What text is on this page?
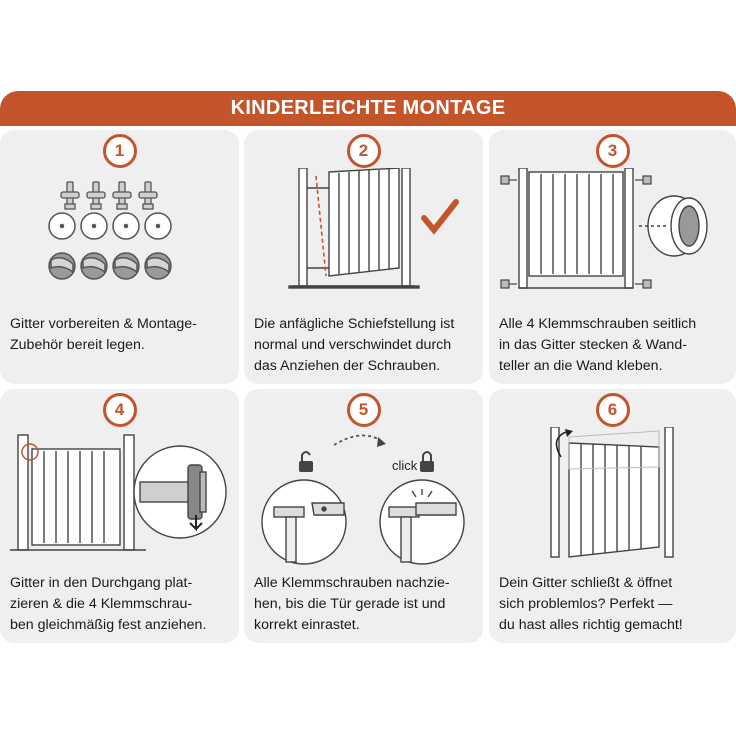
KINDERLEICHTE MONTAGE
1
Gitter vorbereiten & Montage-
Zubehör bereit legen.
2
Die anfägliche Schiefstellung ist
normal und verschwindet durch
das Anziehen der Schrauben.
3
Alle 4 Klemmschrauben seitlich
in das Gitter stecken & Wand-
teller an die Wand kleben.
4
Gitter in den Durchgang plat-
zieren & die 4 Klemmschrau-
ben gleichmäßig fest anziehen.
5
click
Alle Klemmschrauben nachzie-
hen, bis die Tür gerade ist und
korrekt einrastet.
6
Dein Gitter schließt & öffnet
sich problemlos? Perfekt —
du hast alles richtig gemacht!
